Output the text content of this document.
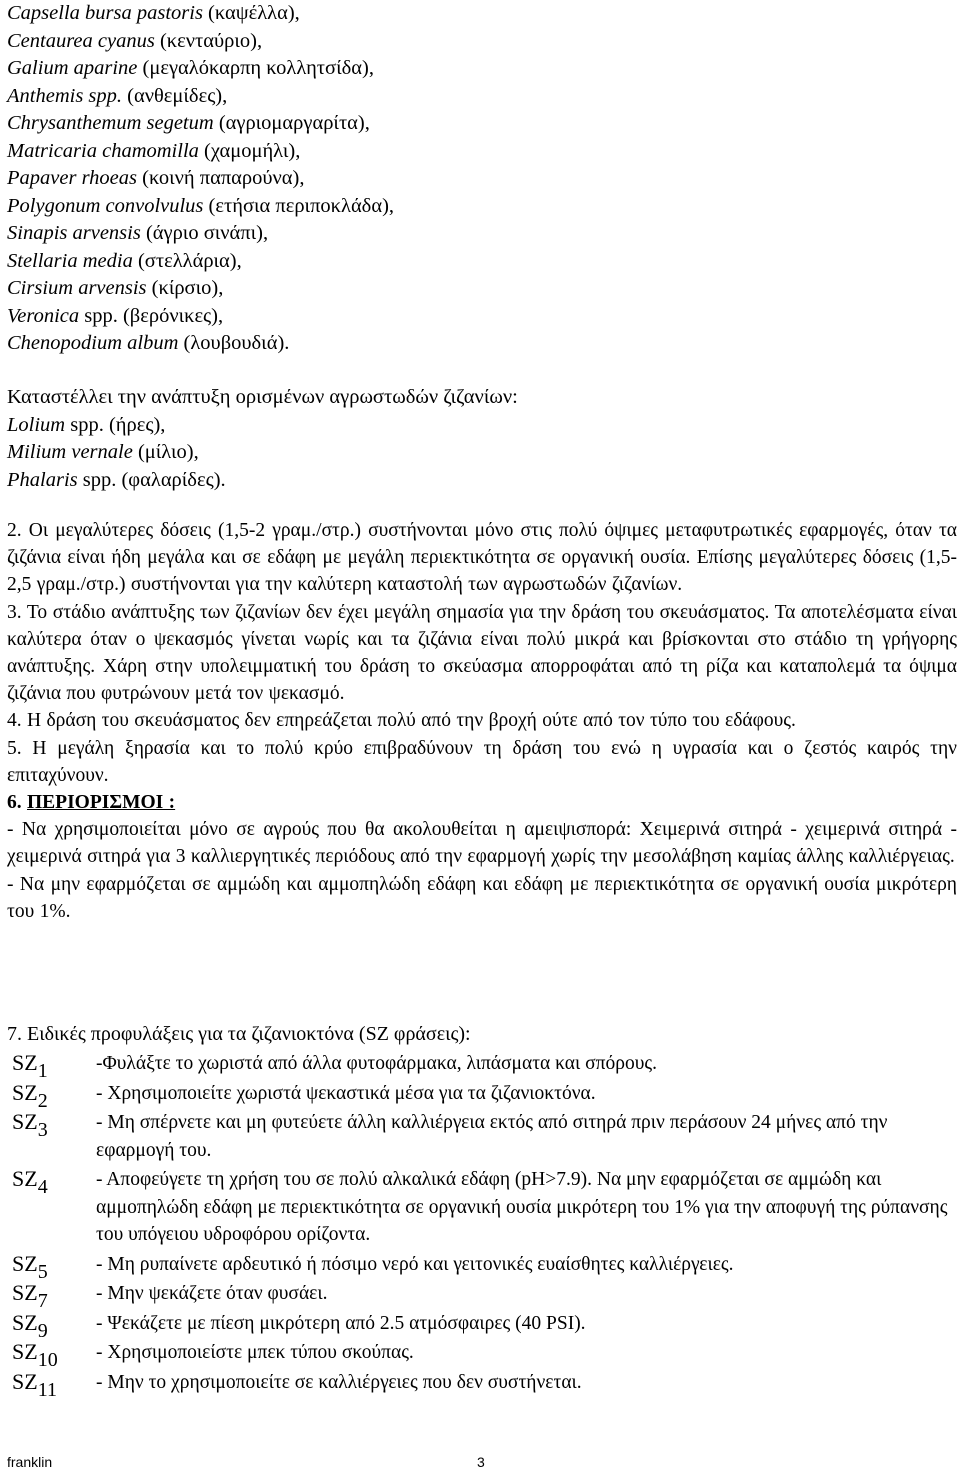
Capsella bursa pastoris (καψέλλα),
Centaurea cyanus (κενταύριο),
Galium aparine (μεγαλόκαρπη κολλητσίδα),
Anthemis spp. (ανθεμίδες),
Chrysanthemum segetum (αγριομαργαρίτα),
Matricaria chamomilla (χαμομήλι),
Papaver rhoeas (κοινή παπαρούνα),
Polygonum convolvulus (ετήσια περιποκλάδα),
Sinapis arvensis (άγριο σινάπι),
Stellaria media (στελλάρια),
Cirsium arvensis (κίρσιο),
Veronica spp. (βερόνικες),
Chenopodium album (λουβουδιά).
Καταστέλλει την ανάπτυξη ορισμένων αγρωστωδών ζιζανίων:
Lolium spp. (ήρες),
Milium vernale (μίλιο),
Phalaris spp. (φαλαρίδες).

2. Οι μεγαλύτερες δόσεις (1,5-2 γραμ./στρ.) συστήνονται μόνο στις πολύ όψιμες μεταφυτρωτικές εφαρμογές, όταν τα ζιζάνια είναι ήδη μεγάλα και σε εδάφη με μεγάλη περιεκτικότητα σε οργανική ουσία. Επίσης μεγαλύτερες δόσεις (1,5-2,5 γραμ./στρ.) συστήνονται για την καλύτερη καταστολή των αγρωστωδών ζιζανίων.

3. Το στάδιο ανάπτυξης των ζιζανίων δεν έχει μεγάλη σημασία για την δράση του σκευάσματος. Τα αποτελέσματα είναι καλύτερα όταν ο ψεκασμός γίνεται νωρίς και τα ζιζάνια είναι πολύ μικρά και βρίσκονται στο στάδιο τη γρήγορης ανάπτυξης. Χάρη στην υπολειμματική του δράση το σκεύασμα απορροφάται από τη ρίζα και καταπολεμά τα όψιμα ζιζάνια που φυτρώνουν μετά τον ψεκασμό.

4. Η δράση του σκευάσματος δεν επηρεάζεται πολύ από την βροχή ούτε από τον τύπο του εδάφους.

5. Η μεγάλη ξηρασία και το πολύ κρύο επιβραδύνουν τη δράση του ενώ η υγρασία και ο ζεστός καιρός την επιταχύνουν.

6. ΠΕΡΙΟΡΙΣΜΟΙ :

- Να χρησιμοποιείται μόνο σε αγρούς που θα ακολουθείται η αμειψισπορά: Χειμερινά σιτηρά - χειμερινά σιτηρά - χειμερινά σιτηρά για 3 καλλιεργητικές περιόδους από την εφαρμογή χωρίς την μεσολάβηση καμίας άλλης καλλιέργειας.

- Να μην εφαρμόζεται σε αμμώδη και αμμοπηλώδη εδάφη και εδάφη με περιεκτικότητα σε οργανική ουσία μικρότερη του 1%.

7. Ειδικές προφυλάξεις για τα ζιζανιοκτόνα (SZ φράσεις):
$SZ_1$ -Φυλάξτε το χωριστά από άλλα φυτοφάρμακα, λιπάσματα και σπόρους.
$SZ_2$ - Χρησιμοποιείτε χωριστά ψεκαστικά μέσα για τα ζιζανιοκτόνα.
$SZ_3$ - Μη σπέρνετε και μη φυτεύετε άλλη καλλιέργεια εκτός από σιτηρά πριν περάσουν 24 μήνες από την εφαρμογή του.
$SZ_4$ - Αποφεύγετε τη χρήση του σε πολύ αλκαλικά εδάφη (pH>7.9). Να μην εφαρμόζεται σε αμμώδη και αμμοπηλώδη εδάφη με περιεκτικότητα σε οργανική ουσία μικρότερη του 1% για την αποφυγή της ρύπανσης του υπόγειου υδροφόρου ορίζοντα.
$SZ_5$ - Μη ρυπαίνετε αρδευτικό ή πόσιμο νερό και γειτονικές ευαίσθητες καλλιέργειες.
$SZ_7$ - Μην ψεκάζετε όταν φυσάει.
$SZ_9$ - Ψεκάζετε με πίεση μικρότερη από 2.5 ατμόσφαιρες (40 PSI).
$SZ_{10}$ - Χρησιμοποιείστε μπεκ τύπου σκούπας.
$SZ_{11}$ - Μην το χρησιμοποιείτε σε καλλιέργειες που δεν συστήνεται.
franklin	3
